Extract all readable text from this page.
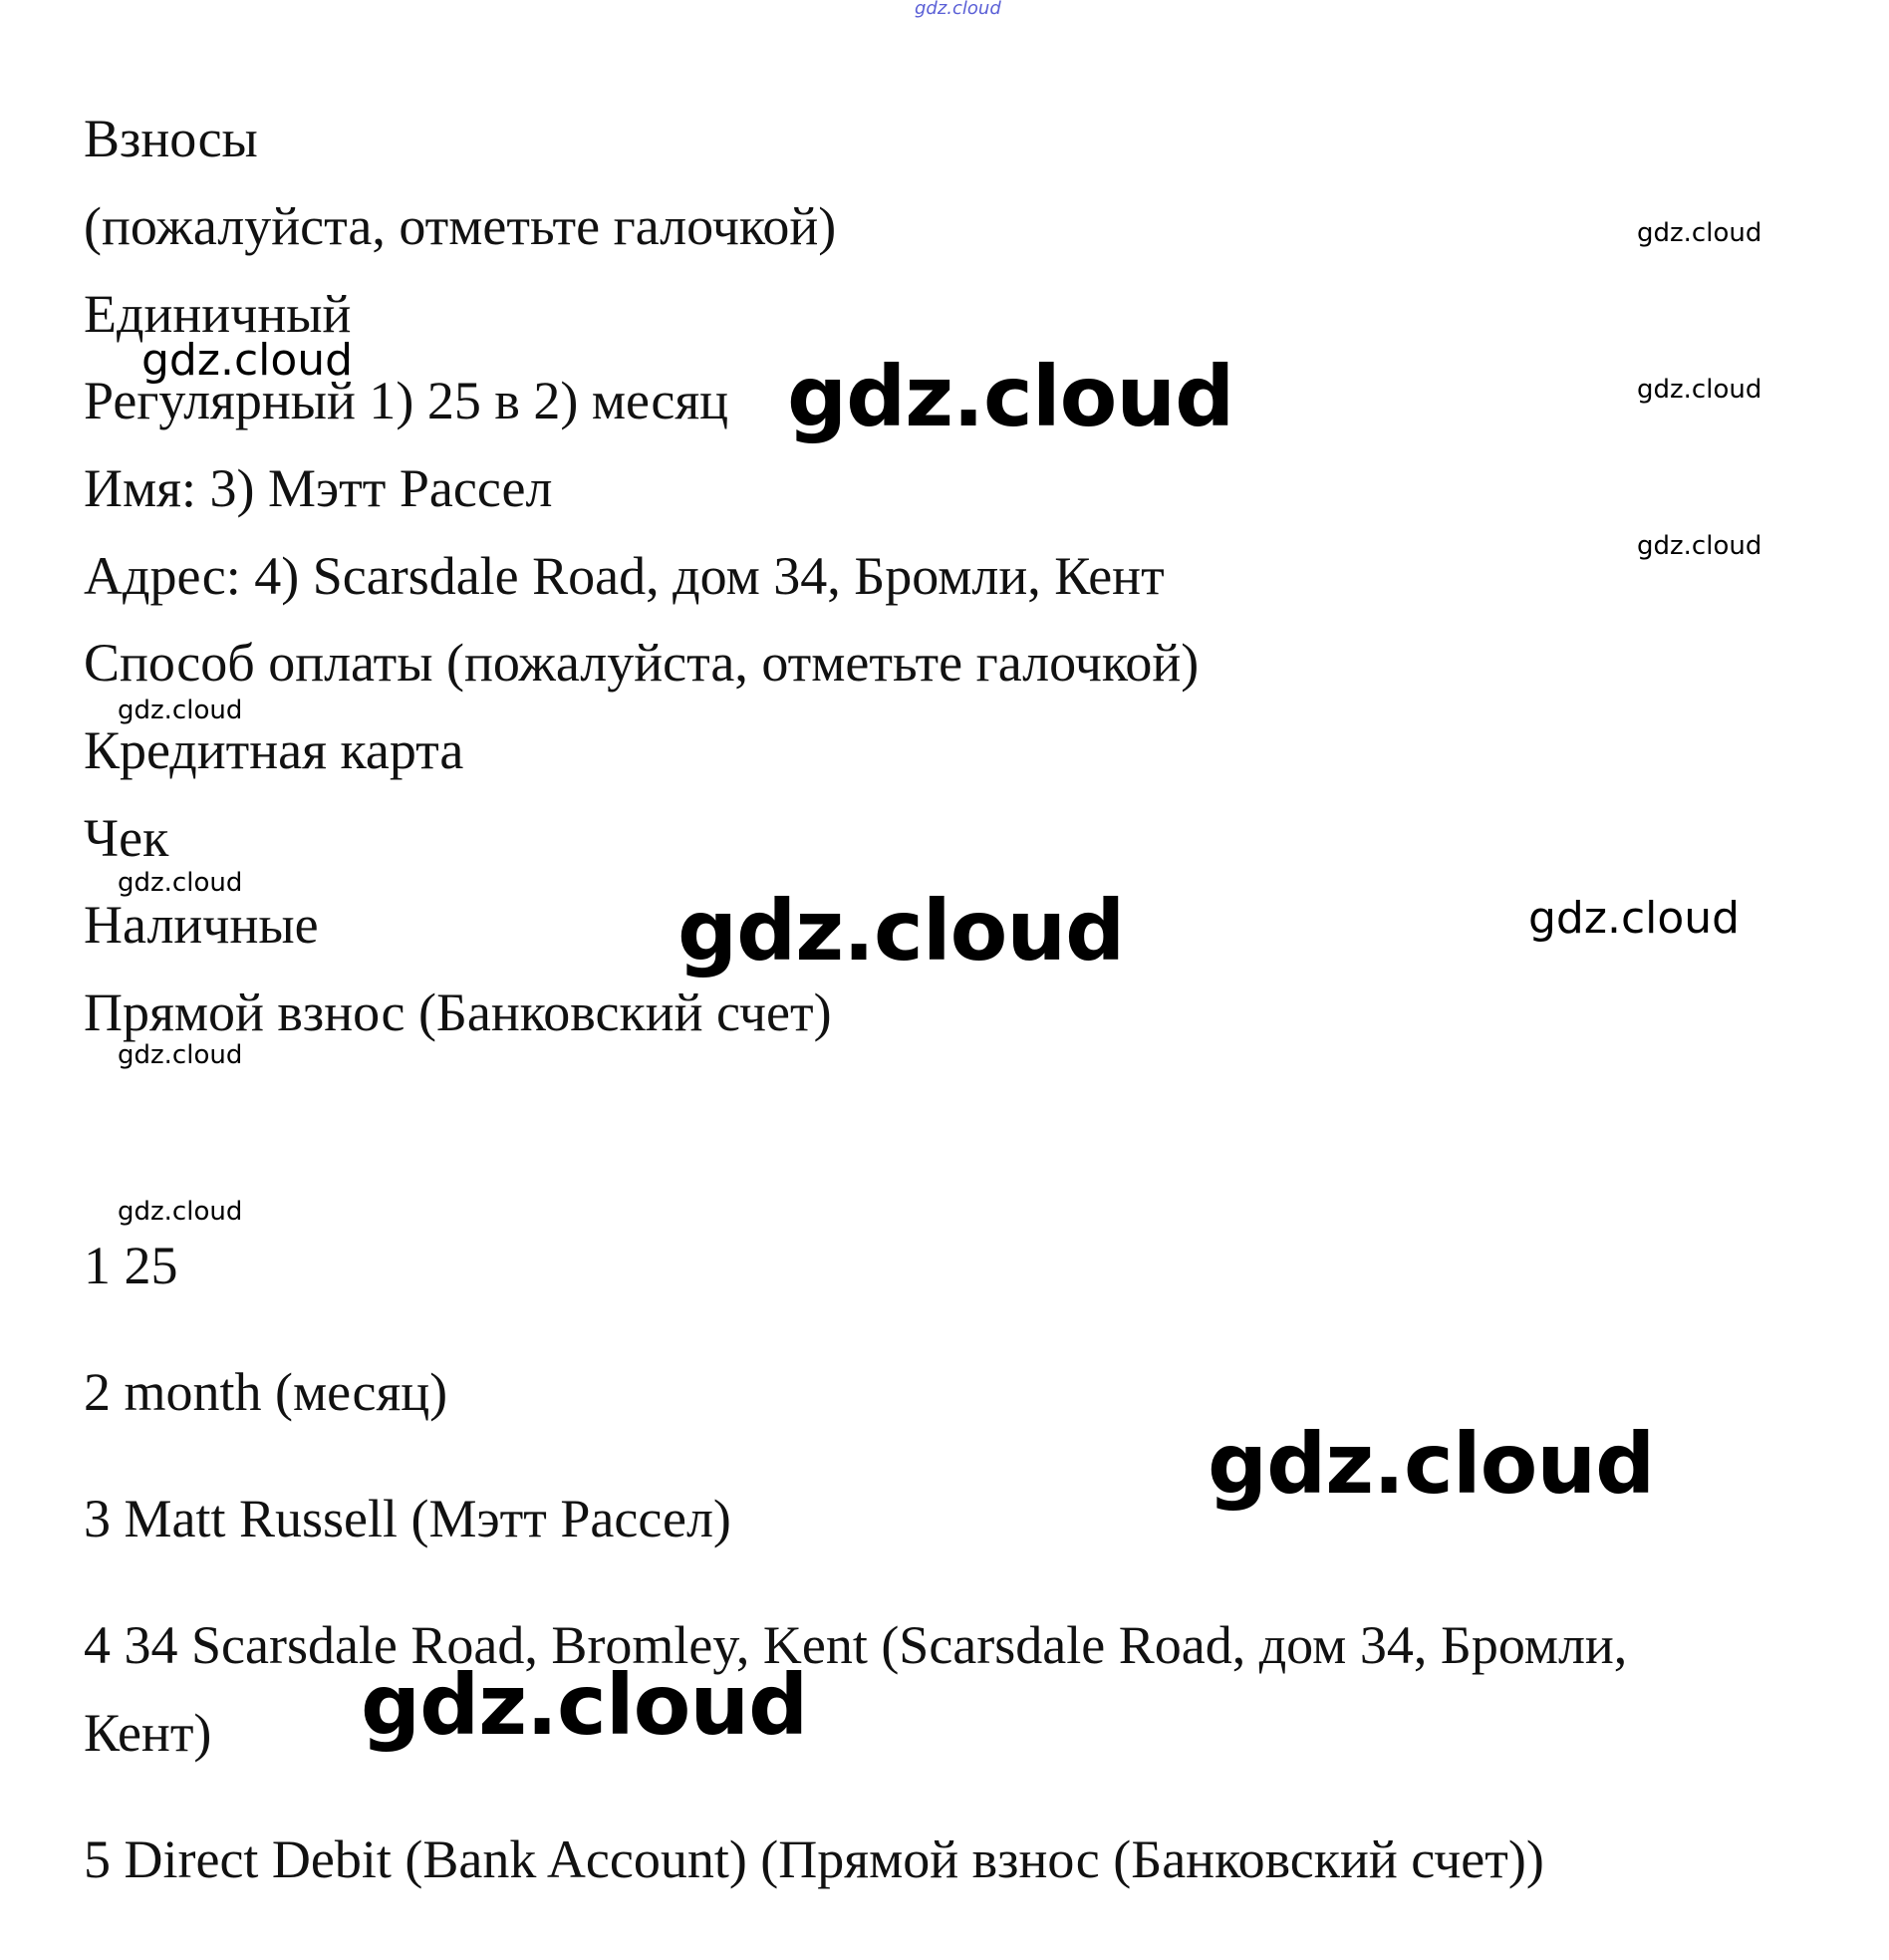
gdz.cloud
Взносы
(пожалуйста, отметьте галочкой)
Единичный
Регулярный 1) 25 в 2) месяц
Имя: 3) Мэтт Рассел
Адрес: 4) Scarsdale Road, дом 34, Бромли, Кент
Способ оплаты (пожалуйста, отметьте галочкой)
Кредитная карта
Чек
Наличные
Прямой взнос (Банковский счет)
1 25
2 month (месяц)
3 Matt Russell (Мэтт Рассел)
4 34 Scarsdale Road, Bromley, Kent (Scarsdale Road, дом 34, Бромли,
Кент)
5 Direct Debit (Bank Account) (Прямой взнос (Банковский счет))
gdz.cloud
gdz.cloud
gdz.cloud
gdz.cloud
gdz.cloud
gdz.cloud
gdz.cloud
gdz.cloud
gdz.cloud
gdz.cloud
gdz.cloud
gdz.cloud
gdz.cloud
